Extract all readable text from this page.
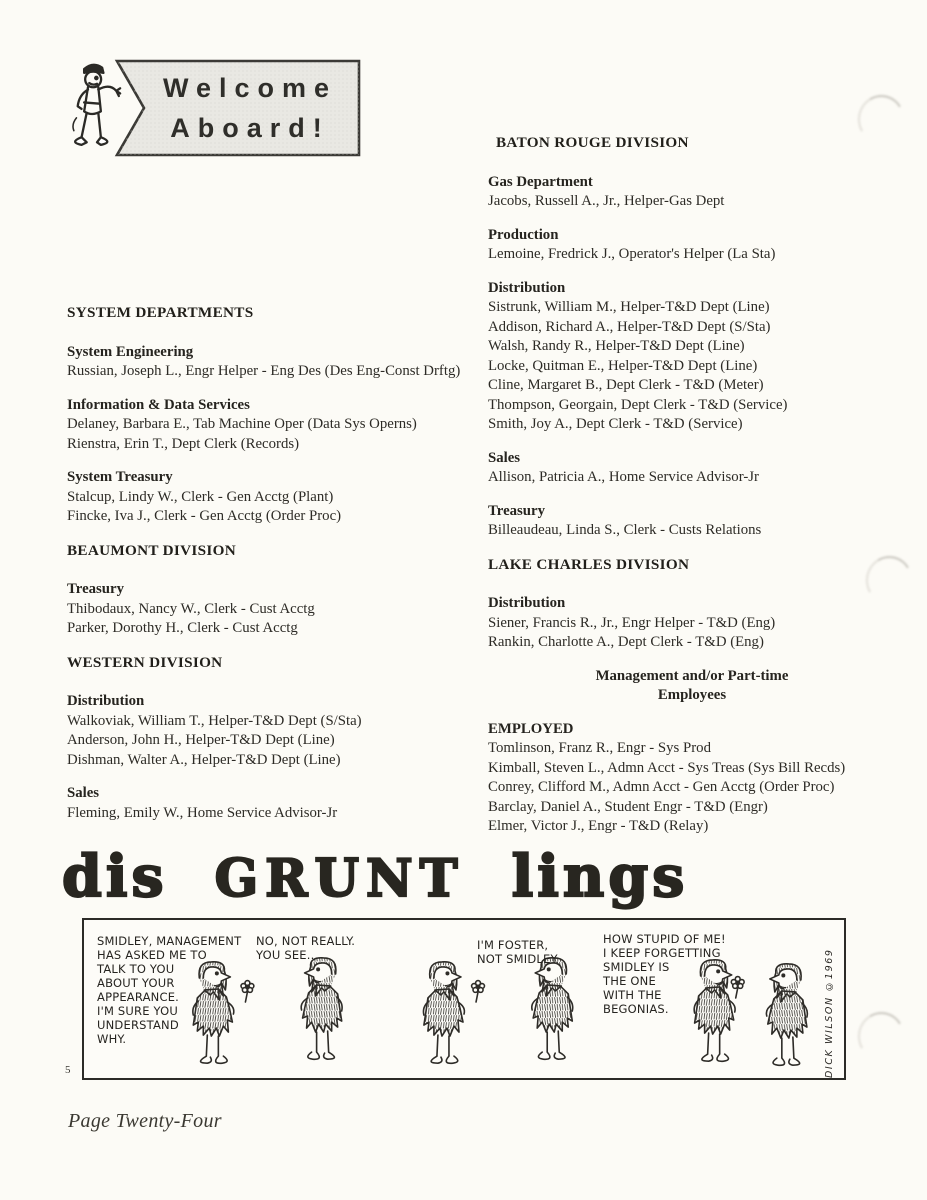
Welcome
Aboard!
SYSTEM DEPARTMENTS
System Engineering
Russian, Joseph L., Engr Helper - Eng Des (Des Eng-Const Drftg)
Information & Data Services
Delaney, Barbara E., Tab Machine Oper (Data Sys Operns)
Rienstra, Erin T., Dept Clerk (Records)
System Treasury
Stalcup, Lindy W., Clerk - Gen Acctg (Plant)
Fincke, Iva J., Clerk - Gen Acctg (Order Proc)
BEAUMONT DIVISION
Treasury
Thibodaux, Nancy W., Clerk - Cust Acctg
Parker, Dorothy H., Clerk - Cust Acctg
WESTERN DIVISION
Distribution
Walkoviak, William T., Helper-T&D Dept (S/Sta)
Anderson, John H., Helper-T&D Dept (Line)
Dishman, Walter A., Helper-T&D Dept (Line)
Sales
Fleming, Emily W., Home Service Advisor-Jr
BATON ROUGE DIVISION
Gas Department
Jacobs, Russell A., Jr., Helper-Gas Dept
Production
Lemoine, Fredrick J., Operator's Helper (La Sta)
Distribution
Sistrunk, William M., Helper-T&D Dept (Line)
Addison, Richard A., Helper-T&D Dept (S/Sta)
Walsh, Randy R., Helper-T&D Dept (Line)
Locke, Quitman E., Helper-T&D Dept (Line)
Cline, Margaret B., Dept Clerk - T&D (Meter)
Thompson, Georgain, Dept Clerk - T&D (Service)
Smith, Joy A., Dept Clerk - T&D (Service)
Sales
Allison, Patricia A., Home Service Advisor-Jr
Treasury
Billeaudeau, Linda S., Clerk - Custs Relations
LAKE CHARLES DIVISION
Distribution
Siener, Francis R., Jr., Engr Helper - T&D (Eng)
Rankin, Charlotte A., Dept Clerk - T&D (Eng)
Management and/or Part-time
Employees
EMPLOYED
Tomlinson, Franz R., Engr - Sys Prod
Kimball, Steven L., Admn Acct - Sys Treas (Sys Bill Recds)
Conrey, Clifford M., Admn Acct - Gen Acctg (Order Proc)
Barclay, Daniel A., Student Engr - T&D (Engr)
Elmer, Victor J., Engr - T&D (Relay)
dis GRUNT lings
SMIDLEY, MANAGEMENT
HAS ASKED ME TO
TALK TO YOU
ABOUT YOUR
APPEARANCE.
I'M SURE YOU
UNDERSTAND
WHY.
NO, NOT REALLY.
YOU SEE...
I'M FOSTER,
NOT SMIDLEY.
HOW STUPID OF ME!
I KEEP FORGETTING
SMIDLEY IS
THE ONE
WITH THE
BEGONIAS.	DICK WILSON ©1969
5
Page Twenty-Four
